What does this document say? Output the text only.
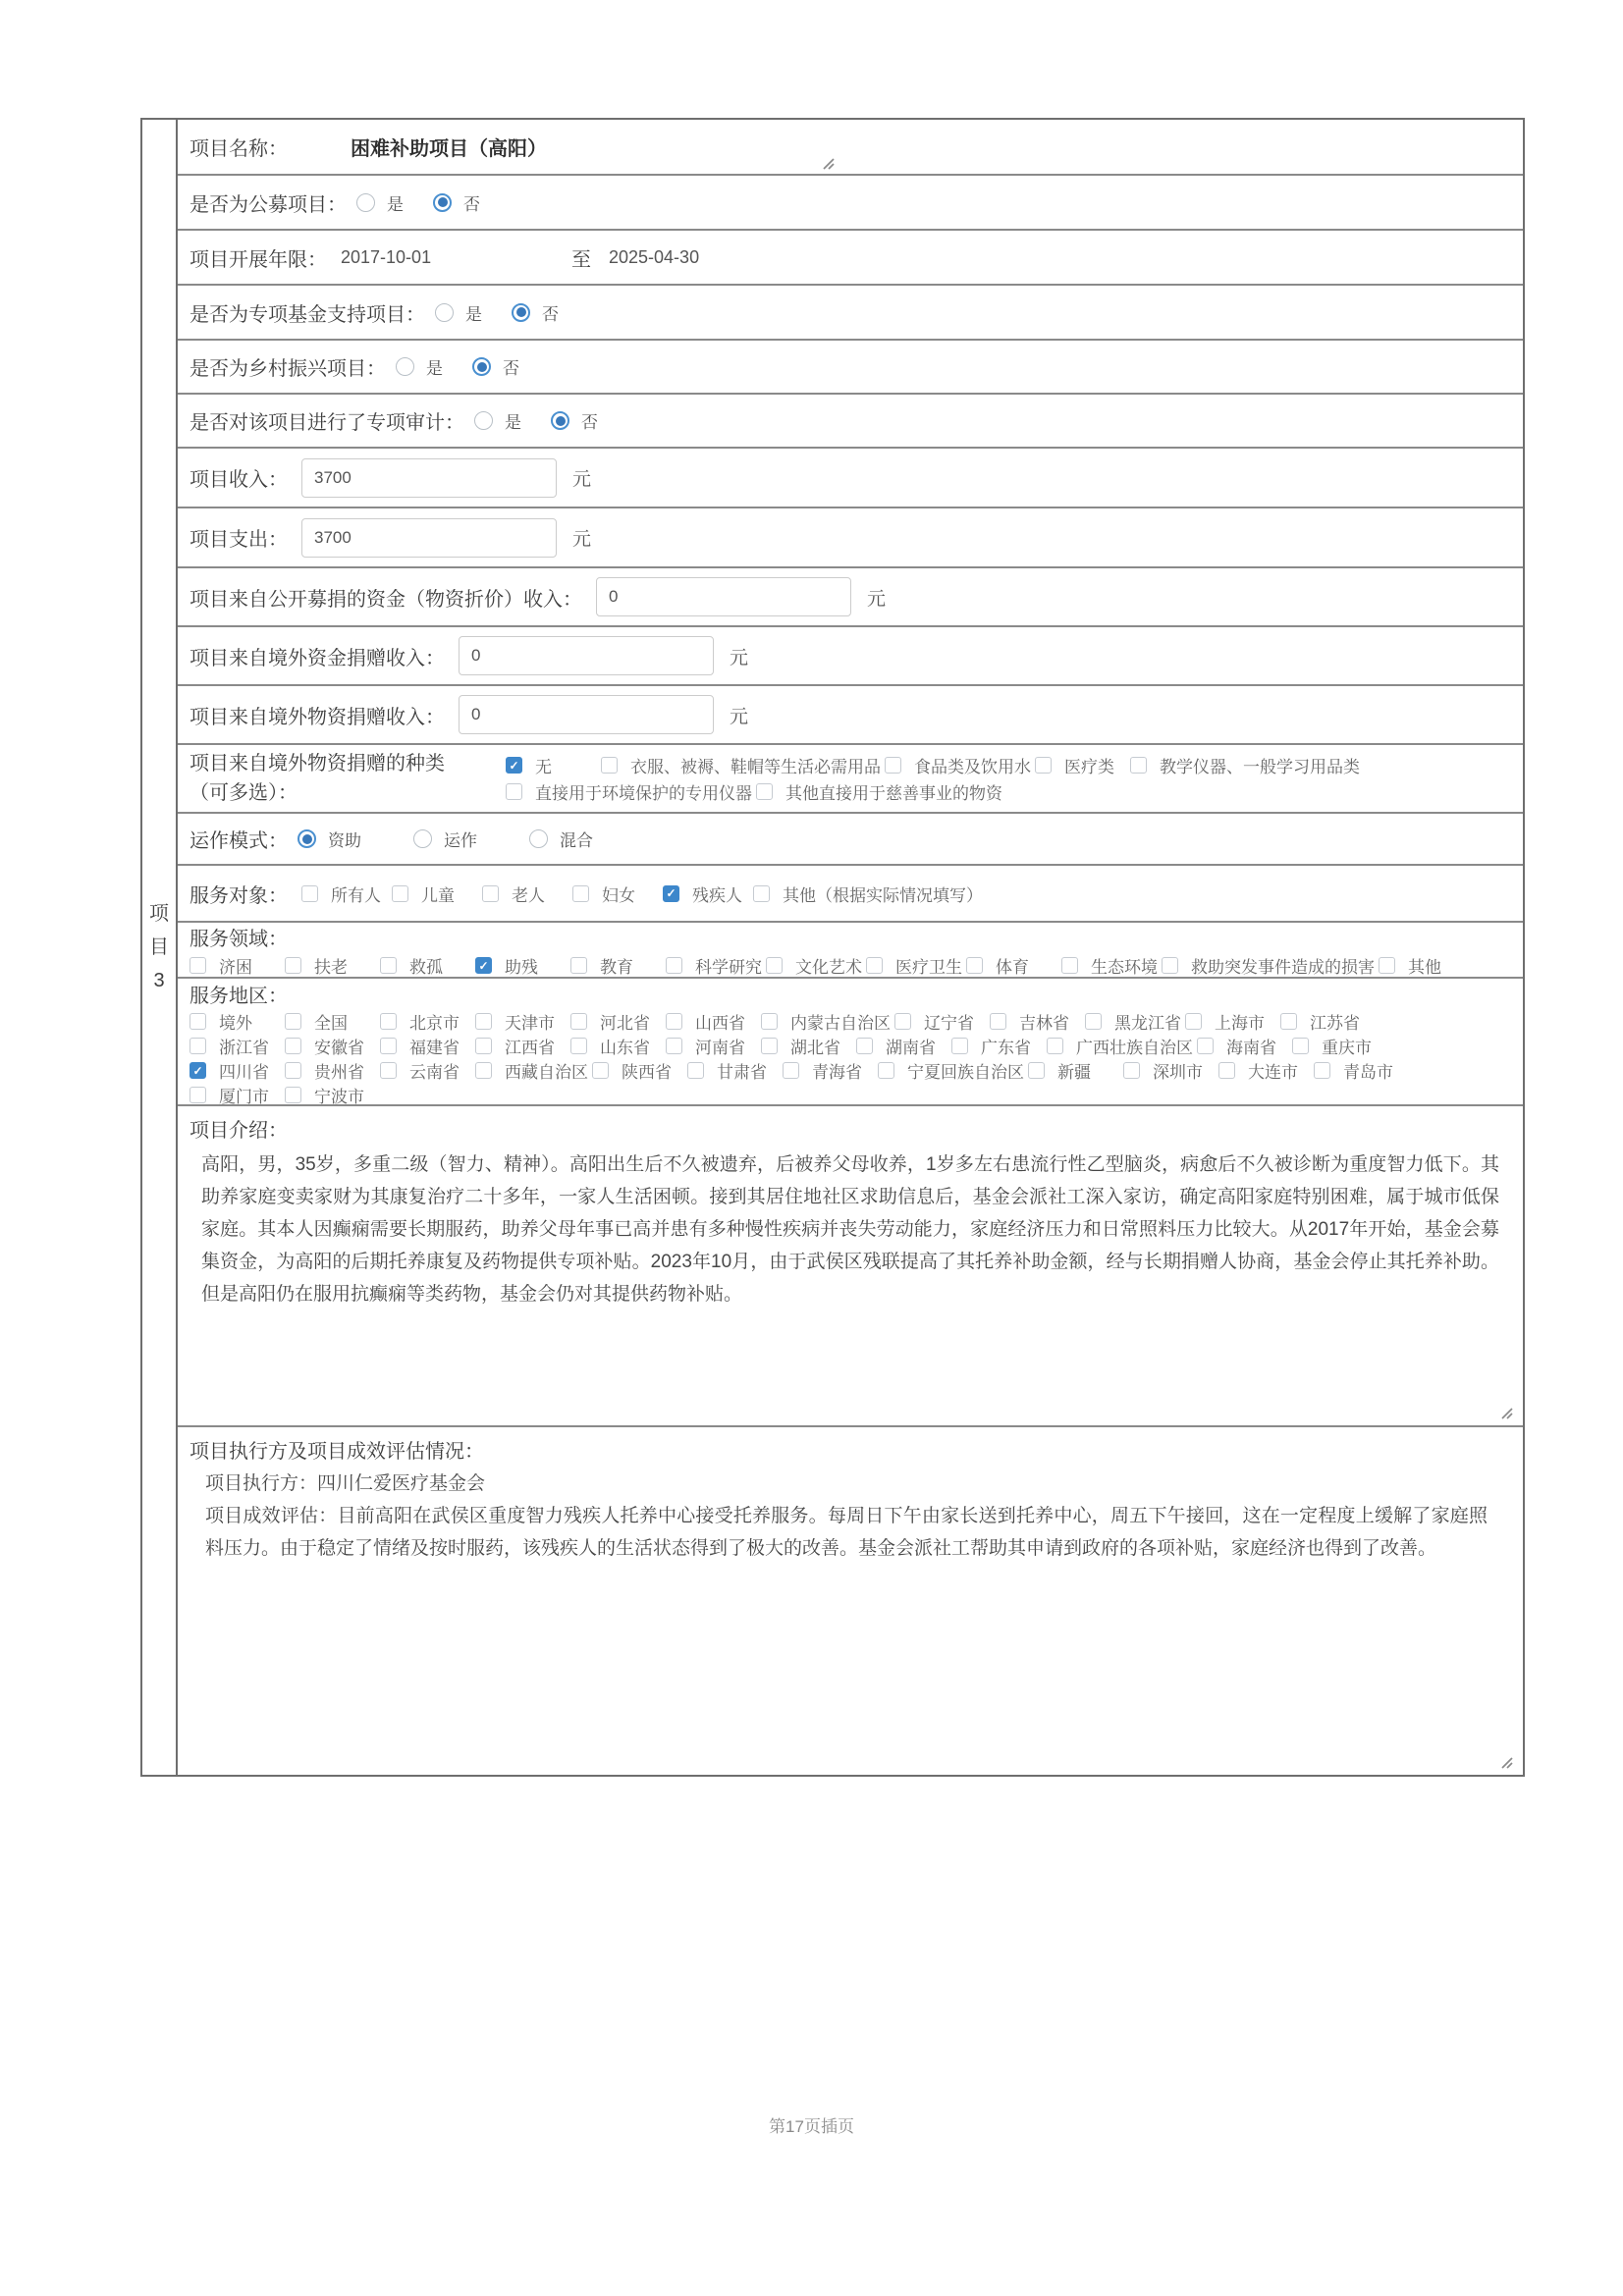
项目3
项目名称：	困难补助项目（高阳）
是否为公募项目： 是	否
项目开展年限： 2017-10-01	至 2025-04-30
是否为专项基金支持项目： 是	否
是否为乡村振兴项目： 是	否
是否对该项目进行了专项审计： 是	否
项目收入：
3700	元
项目支出：
3700	元
项目来自公开募捐的资金（物资折价）收入：
0	元
项目来自境外资金捐赠收入：
0	元
项目来自境外物资捐赠收入：
0	元
项目来自境外物资捐赠的种类
（可多选）：
✓
无	衣服、被褥、鞋帽等生活必需用品 食品类及饮用水 医疗类	教学仪器、一般学习用品类
直接用于环境保护的专用仪器 其他直接用于慈善事业的物资
运作模式： 资助	运作	混合
服务对象：	所有人 儿童	老人	妇女 ✓	残疾人 其他（根据实际情况填写）
服务领域：
济困	扶老	救孤 ✓	助残	教育	科学研究 文化艺术 医疗卫生 体育	生态环境 救助突发事件造成的损害 其他
服务地区：
境外	全国	北京市	天津市	河北省	山西省	内蒙古自治区 辽宁省	吉林省	黑龙江省 上海市	江苏省
浙江省	安徽省	福建省	江西省	山东省	河南省	湖北省	湖南省	广东省	广西壮族自治区 海南省	重庆市
✓
四川省	贵州省	云南省	西藏自治区 陕西省	甘肃省	青海省	宁夏回族自治区 新疆	深圳市	大连市	青岛市
厦门市	宁波市
项目介绍：
高阳，男，35岁，多重二级（智力、精神）。高阳出生后不久被遗弃，后被养父母收养，1岁多左右患流行性乙型脑炎，病愈后不久被诊断为重度智力低下。其助养家庭变卖家财为其康复治疗二十多年，一家人生活困顿。接到其居住地社区求助信息后，基金会派社工深入家访，确定高阳家庭特别困难，属于城市低保家庭。其本人因癫痫需要长期服药，助养父母年事已高并患有多种慢性疾病并丧失劳动能力，家庭经济压力和日常照料压力比较大。从2017年开始，基金会募集资金，为高阳的后期托养康复及药物提供专项补贴。2023年10月，由于武侯区残联提高了其托养补助金额，经与长期捐赠人协商，基金会停止其托养补助。但是高阳仍在服用抗癫痫等类药物，基金会仍对其提供药物补贴。
项目执行方及项目成效评估情况：
项目执行方：四川仁爱医疗基金会
项目成效评估：目前高阳在武侯区重度智力残疾人托养中心接受托养服务。每周日下午由家长送到托养中心，周五下午接回，这在一定程度上缓解了家庭照料压力。由于稳定了情绪及按时服药，该残疾人的生活状态得到了极大的改善。基金会派社工帮助其申请到政府的各项补贴，家庭经济也得到了改善。
第17页插页
